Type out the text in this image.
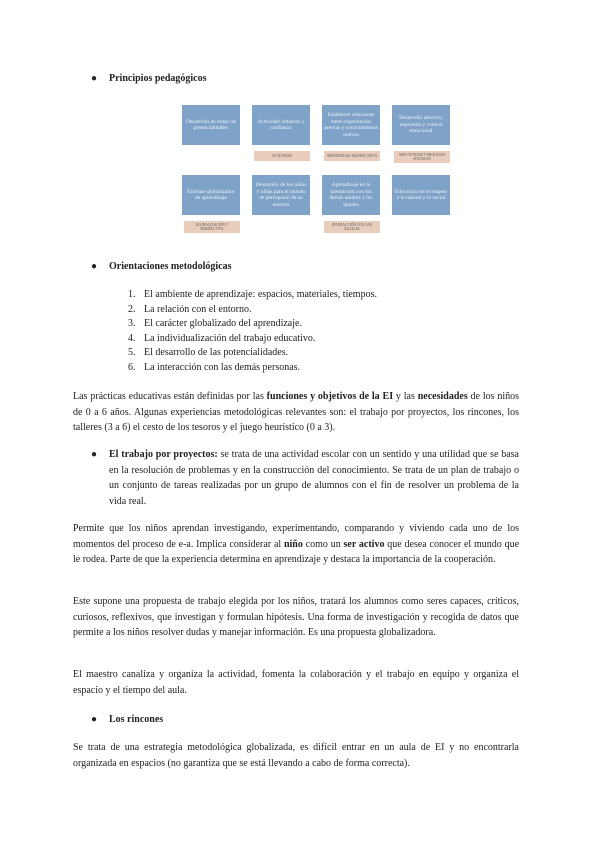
● Principios pedagógicos
Desarrollo de todas las potencialidades
Actividad: esfuerzo y confianza
ACTIVIDAD
Establecer relaciones entre experiencias previas y conocimientos nuevos
APRENDIZAJE SIGNIFICATIVO
Desarrollo afectivo, expresión y control emocional
AFECTIVIDAD Y PROCESOS SOCIALES
Enfoque globalizador de aprendizaje
GLOBALIZACIÓN Y PERSPECTIVA
Desarrollo de los niños y niñas para el mundo de percepción de su entorno
Aprendizaje en la interacción con los demás adultos y los iguales
INTERACCIÓN CON LOS IGUALES
Educación en el respeto a lo natural y lo social
● Orientaciones metodológicas
1. El ambiente de aprendizaje: espacios, materiales, tiempos.
2. La relación con el entorno.
3. El carácter globalizado del aprendizaje.
4. La individualización del trabajo educativo.
5. El desarrollo de las potencialidades.
6. La interacción con las demás personas.
Las prácticas educativas están definidas por las funciones y objetivos de la EI y las necesidades de los niños de 0 a 6 años. Algunas experiencias metodológicas relevantes son: el trabajo por proyectos, los rincones, los talleres (3 a 6) el cesto de los tesoros y el juego heurístico (0 a 3).
● El trabajo por proyectos: se trata de una actividad escolar con un sentido y una utilidad que se basa en la resolución de problemas y en la construcción del conocimiento. Se trata de un plan de trabajo o un conjunto de tareas realizadas por un grupo de alumnos con el fin de resolver un problema de la vida real.
Permite que los niños aprendan investigando, experimentando, comparando y viviendo cada uno de los momentos del proceso de e-a. Implica considerar al niño como un ser activo que desea conocer el mundo que le rodea. Parte de que la experiencia determina en aprendizaje y destaca la importancia de la cooperación.
Este supone una propuesta de trabajo elegida por los niños, tratará los alumnos como seres capaces, críticos, curiosos, reflexivos, que investigan y formulan hipótesis. Una forma de investigación y recogida de datos que permite a los niños resolver dudas y manejar información. Es una propuesta globalizadora.
El maestro canaliza y organiza la actividad, fomenta la colaboración y el trabajo en equipo y organiza el espacio y el tiempo del aula.
● Los rincones
Se trata de una estrategia metodológica globalizada, es difícil entrar en un aula de EI y no encontrarla organizada en espacios (no garantiza que se está llevando a cabo de forma correcta).
